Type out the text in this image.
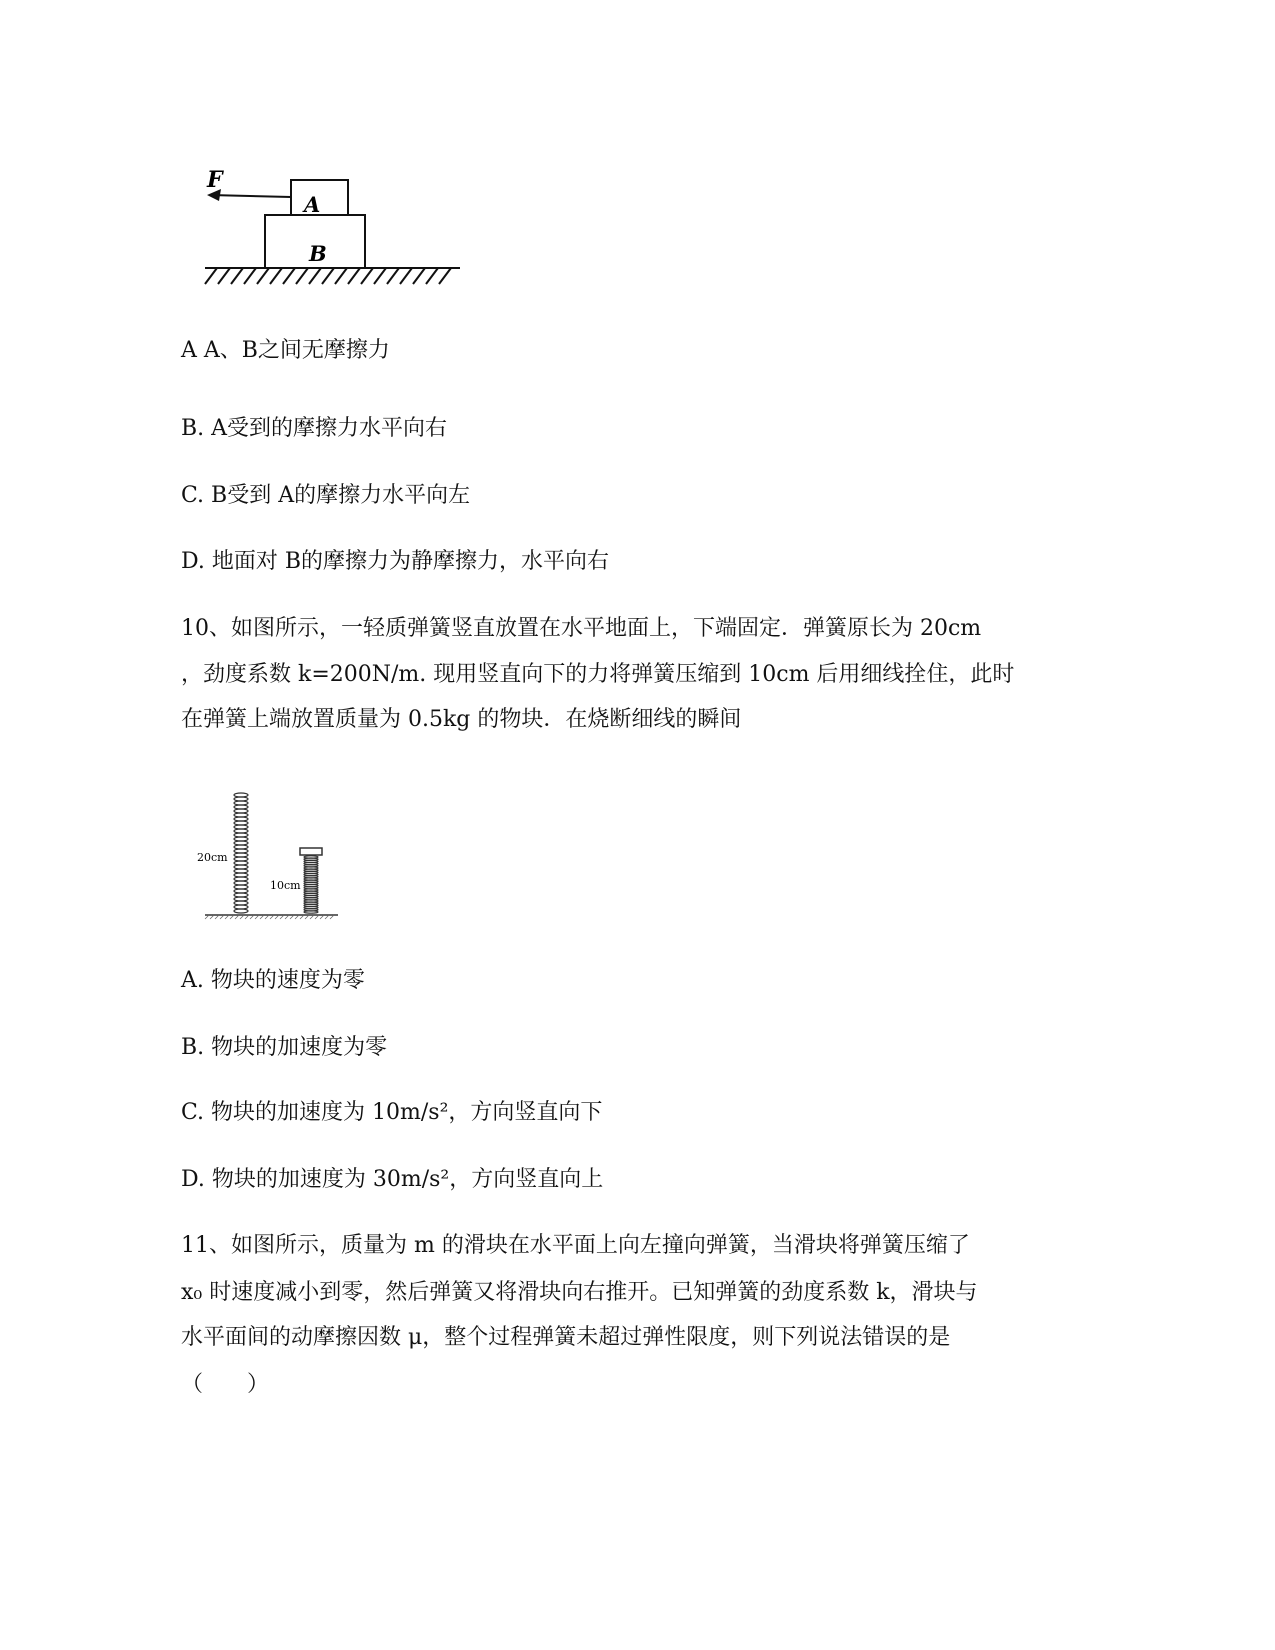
F
A
B
A A、B之间无摩擦力
B. A受到的摩擦力水平向右
C. B受到 A的摩擦力水平向左
D. 地面对 B的摩擦力为静摩擦力，水平向右
10、如图所示，一轻质弹簧竖直放置在水平地面上，下端固定．弹簧原长为 20cm
，劲度系数 k=200N/m. 现用竖直向下的力将弹簧压缩到 10cm 后用细线拴住，此时
在弹簧上端放置质量为 0.5kg 的物块．在烧断细线的瞬间
20cm
10cm
A. 物块的速度为零
B. 物块的加速度为零
C. 物块的加速度为 10m/s²，方向竖直向下
D. 物块的加速度为 30m/s²，方向竖直向上
11、如图所示，质量为 m 的滑块在水平面上向左撞向弹簧，当滑块将弹簧压缩了
x₀ 时速度减小到零，然后弹簧又将滑块向右推开。已知弹簧的劲度系数 k，滑块与
水平面间的动摩擦因数 μ，整个过程弹簧未超过弹性限度，则下列说法错误的是
（　　）
